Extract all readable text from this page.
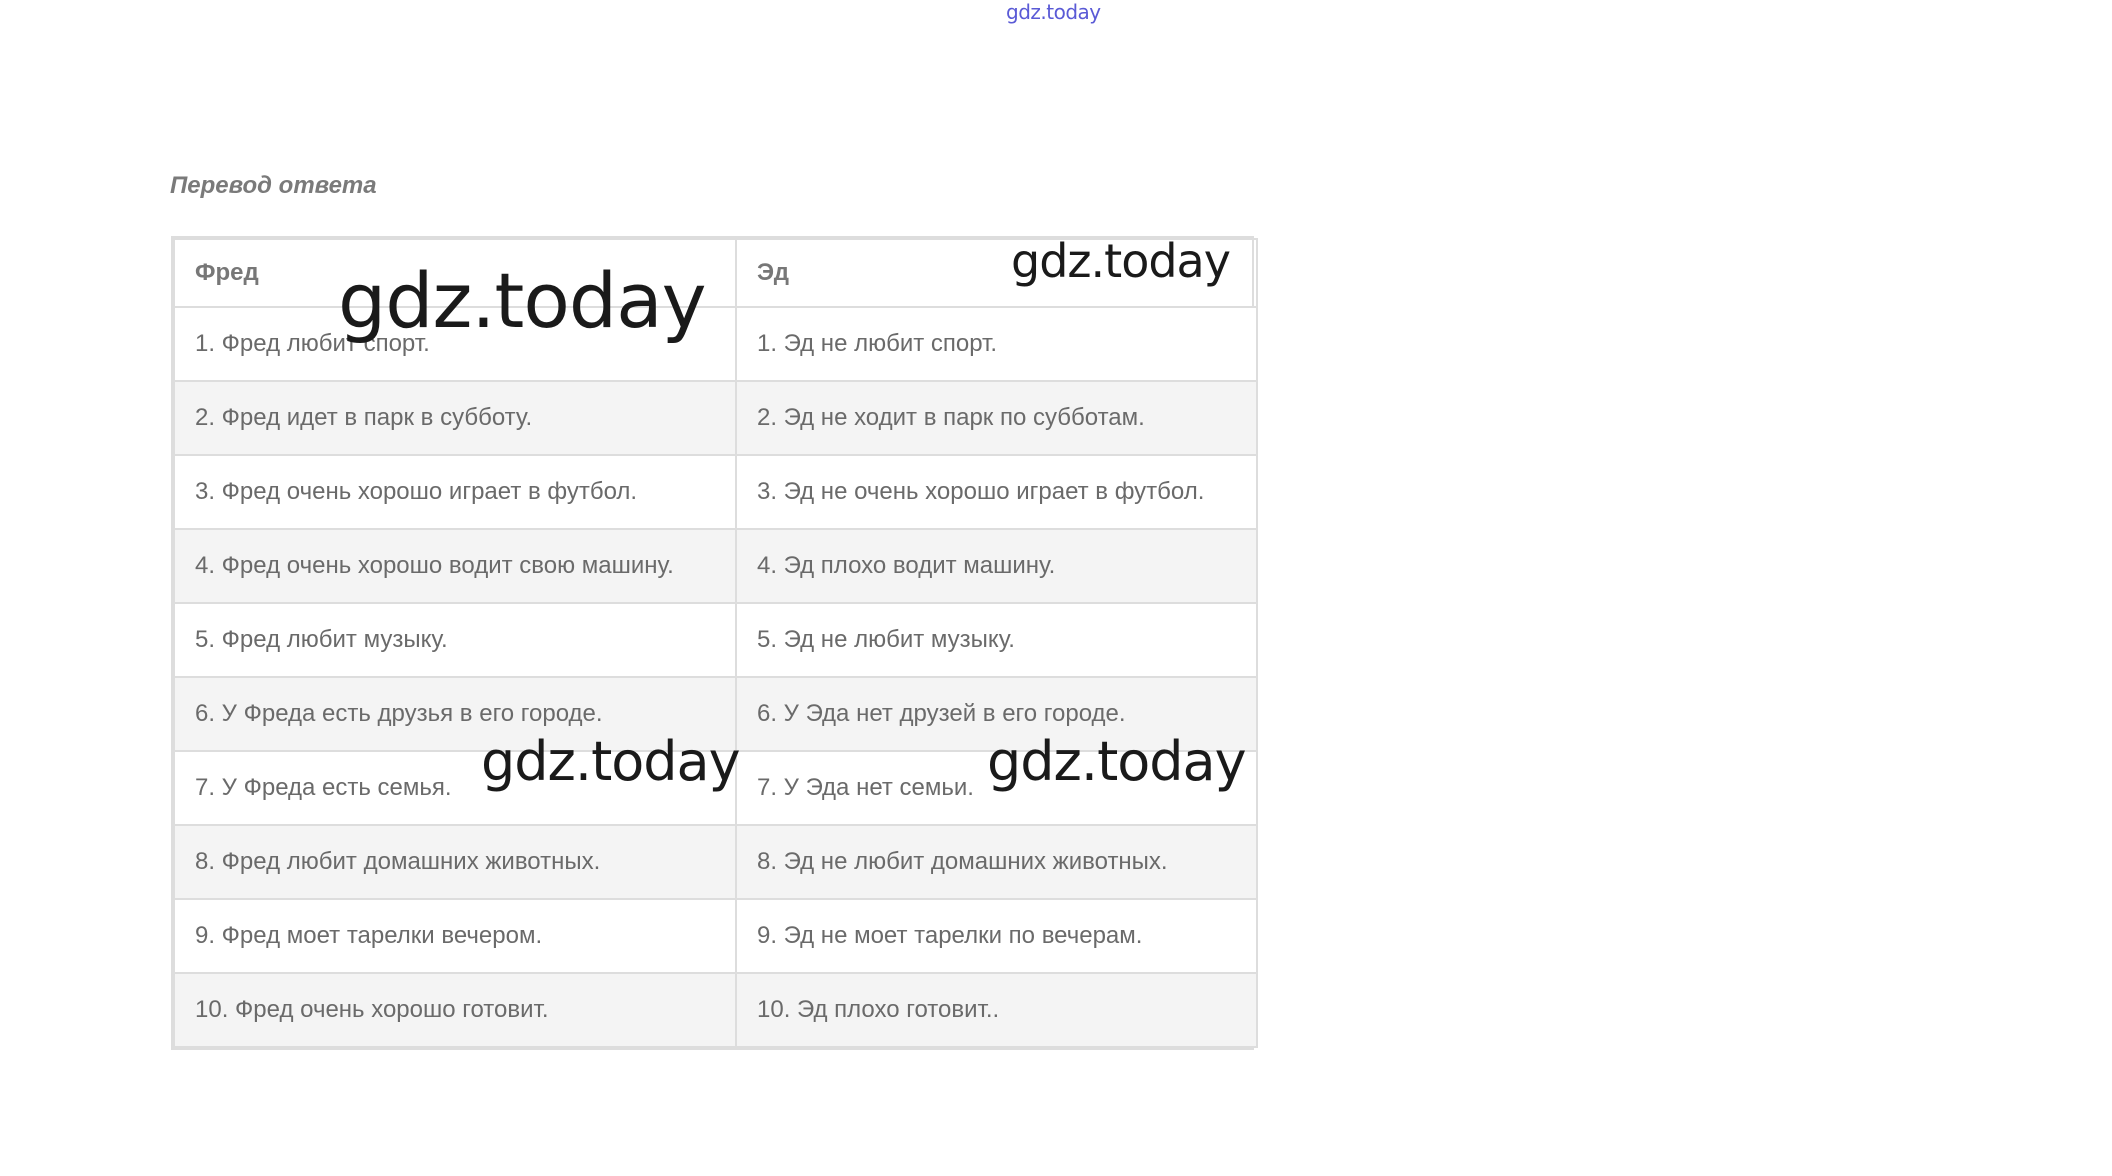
gdz.today
Перевод ответа
Фред	Эд
1. Фред любит спорт.	1. Эд не любит спорт.
2. Фред идет в парк в субботу.	2. Эд не ходит в парк по субботам.
3. Фред очень хорошо играет в футбол.	3. Эд не очень хорошо играет в футбол.
4. Фред очень хорошо водит свою машину.	4. Эд плохо водит машину.
5. Фред любит музыку.	5. Эд не любит музыку.
6. У Фреда есть друзья в его городе.	6. У Эда нет друзей в его городе.
7. У Фреда есть семья.	7. У Эда нет семьи.
8. Фред любит домашних животных.	8. Эд не любит домашних животных.
9. Фред моет тарелки вечером.	9. Эд не моет тарелки по вечерам.
10. Фред очень хорошо готовит.	10. Эд плохо готовит..
gdz.today	gdz.today
gdz.today	gdz.today
